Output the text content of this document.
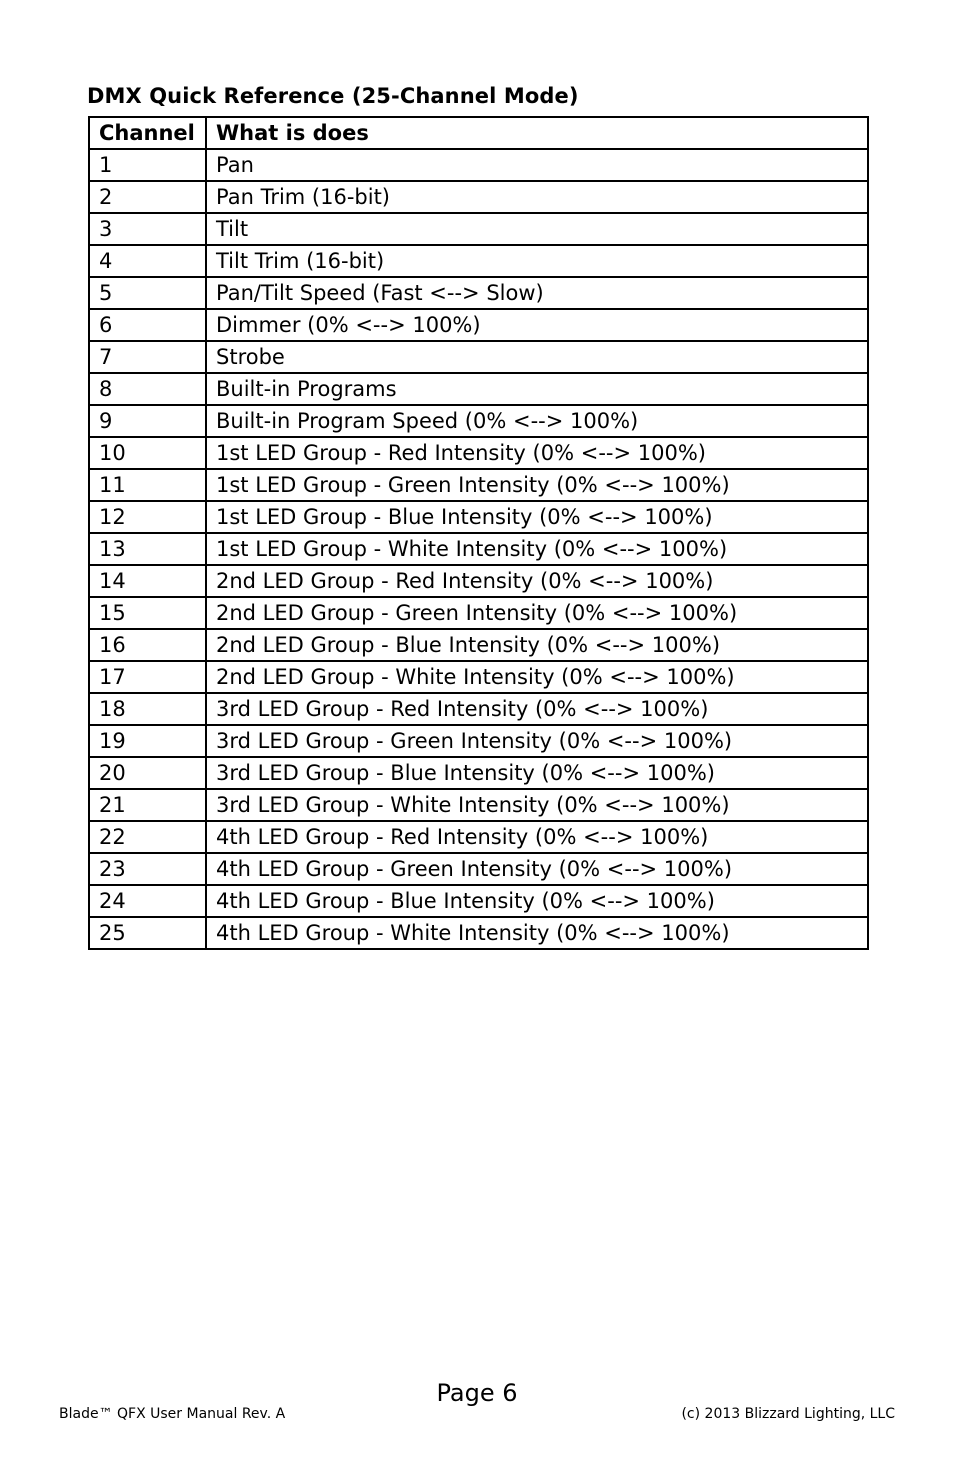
DMX Quick Reference (25-Channel Mode)
Channel	What is does
1	Pan
2	Pan Trim (16-bit)
3	Tilt
4	Tilt Trim (16-bit)
5	Pan/Tilt Speed (Fast <--> Slow)
6	Dimmer (0% <--> 100%)
7	Strobe
8	Built-in Programs
9	Built-in Program Speed (0% <--> 100%)
10	1st LED Group - Red Intensity (0% <--> 100%)
11	1st LED Group - Green Intensity (0% <--> 100%)
12	1st LED Group - Blue Intensity (0% <--> 100%)
13	1st LED Group - White Intensity (0% <--> 100%)
14	2nd LED Group - Red Intensity (0% <--> 100%)
15	2nd LED Group - Green Intensity (0% <--> 100%)
16	2nd LED Group - Blue Intensity (0% <--> 100%)
17	2nd LED Group - White Intensity (0% <--> 100%)
18	3rd LED Group - Red Intensity (0% <--> 100%)
19	3rd LED Group - Green Intensity (0% <--> 100%)
20	3rd LED Group - Blue Intensity (0% <--> 100%)
21	3rd LED Group - White Intensity (0% <--> 100%)
22	4th LED Group - Red Intensity (0% <--> 100%)
23	4th LED Group - Green Intensity (0% <--> 100%)
24	4th LED Group - Blue Intensity (0% <--> 100%)
25	4th LED Group - White Intensity (0% <--> 100%)
Page 6
Blade™ QFX User Manual Rev. A	(c) 2013 Blizzard Lighting, LLC
